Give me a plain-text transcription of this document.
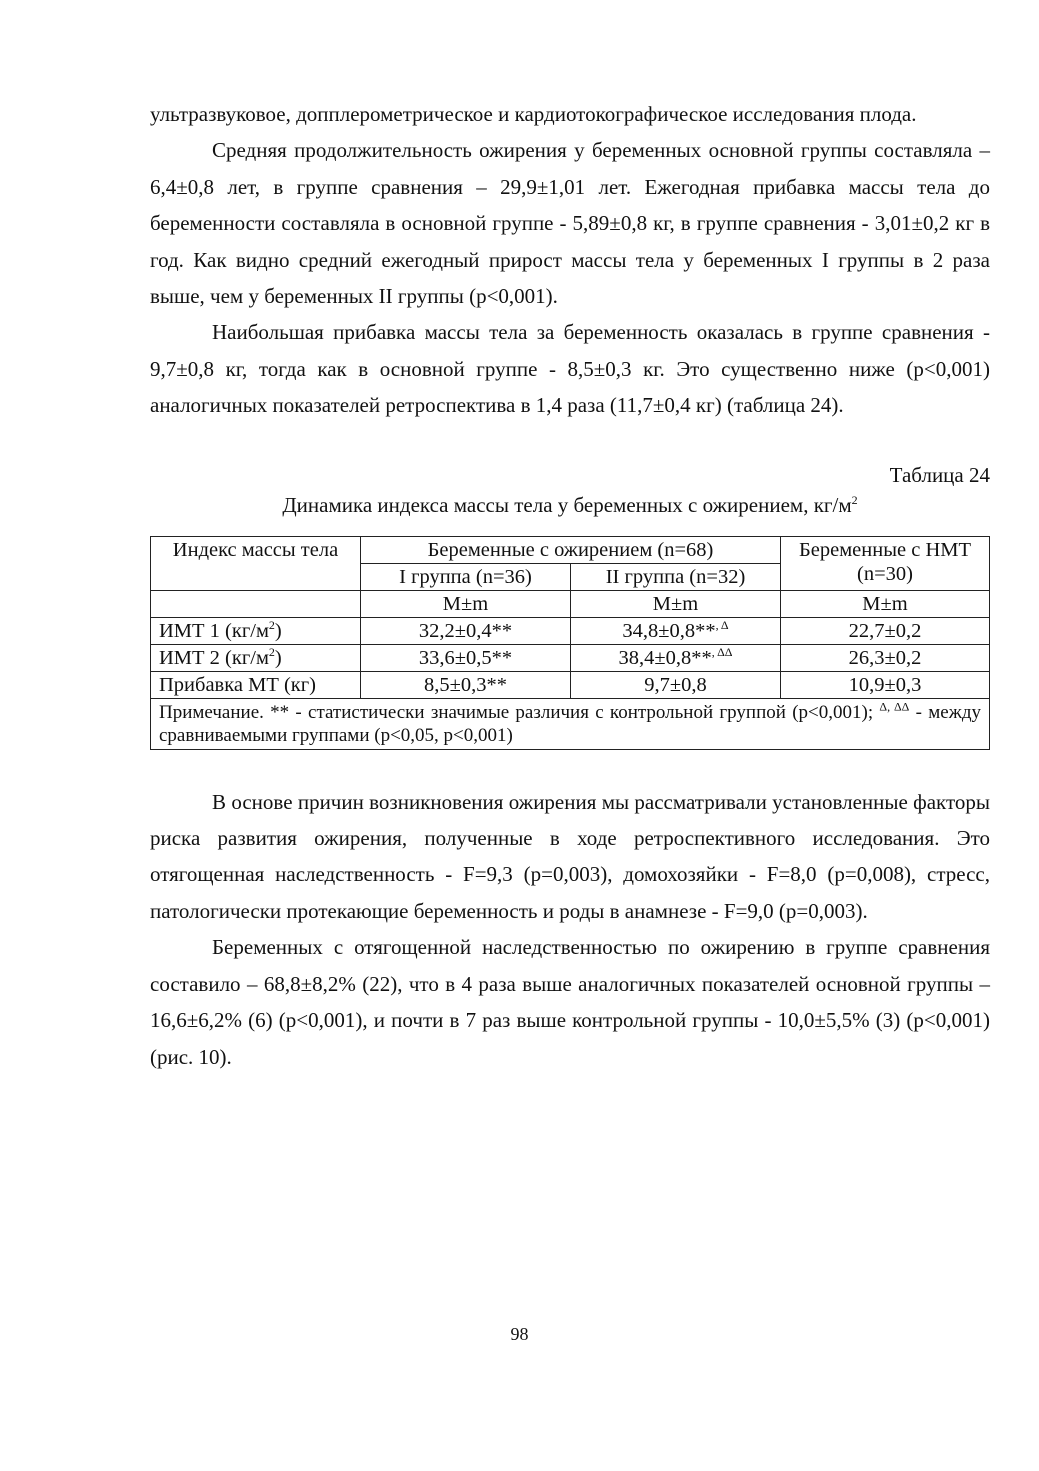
ультразвуковое, допплерометрическое и кардиотокографическое исследования плода.

Средняя продолжительность ожирения у беременных основной группы составляла – 6,4±0,8 лет, в группе сравнения – 29,9±1,01 лет. Ежегодная прибавка массы тела до беременности составляла в основной группе - 5,89±0,8 кг, в группе сравнения - 3,01±0,2 кг в год. Как видно средний ежегодный прирост массы тела у беременных I группы в 2 раза выше, чем у беременных II группы (p<0,001).

Наибольшая прибавка массы тела за беременность оказалась в группе сравнения - 9,7±0,8 кг, тогда как в основной группе - 8,5±0,3 кг. Это существенно ниже (p<0,001) аналогичных показателей ретроспектива в 1,4 раза (11,7±0,4 кг) (таблица 24).

Таблица 24

Динамика индекса массы тела у беременных с ожирением, $кг/м^2$

Индекс массы тела	Беременные с ожирением (n=68)		Беременные с НМТ (n=30)
	I группа (n=36)	II группа (n=32)	
	M±m	M±m	M±m
ИМТ 1 $(кг/м^2)$	32,2±0,4**	34,8±0,8**$^{, \Delta}$	22,7±0,2
ИМТ 2 $(кг/м^2)$	33,6±0,5**	38,4±0,8**$^{, \Delta\Delta}$	26,3±0,2
Прибавка МТ (кг)	8,5±0,3**	9,7±0,8	10,9±0,3
Примечание. ** - статистически значимые различия с контрольной группой (p<0,001); $^{\Delta, \Delta\Delta}$ - между сравниваемыми группами (p<0,05, p<0,001)			

В основе причин возникновения ожирения мы рассматривали установленные факторы риска развития ожирения, полученные в ходе ретроспективного исследования. Это отягощенная наследственность - F=9,3 (p=0,003), домохозяйки - F=8,0 (p=0,008), стресс, патологически протекающие беременность и роды в анамнезе - F=9,0 (p=0,003).

Беременных с отягощенной наследственностью по ожирению в группе сравнения составило – 68,8±8,2% (22), что в 4 раза выше аналогичных показателей основной группы – 16,6±6,2% (6) (p<0,001), и почти в 7 раз выше контрольной группы - 10,0±5,5% (3) (p<0,001) (рис. 10).

98
